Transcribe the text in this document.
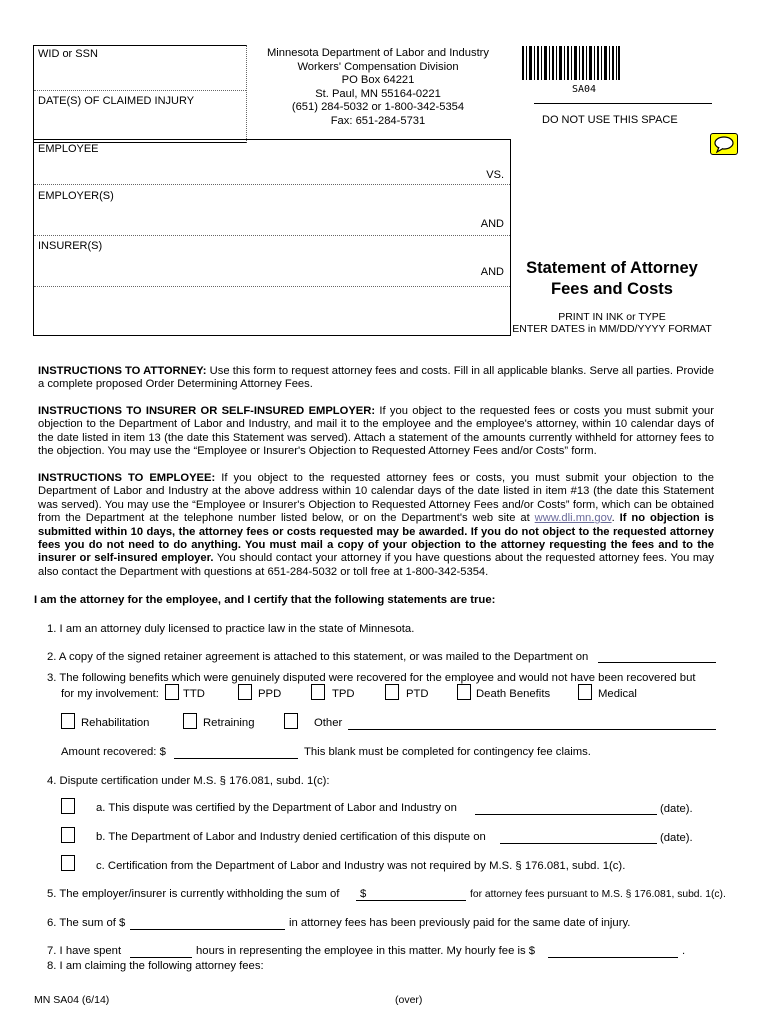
WID or SSN
DATE(S) OF CLAIMED INJURY
Minnesota Department of Labor and Industry
Workers' Compensation Division
PO Box 64221
St. Paul, MN 55164-0221
(651) 284-5032 or 1-800-342-5354
Fax: 651-284-5731
SA04
DO NOT USE THIS SPACE
EMPLOYEE
VS.
EMPLOYER(S)
AND
INSURER(S)
AND	Statement of Attorney
Fees and Costs
PRINT IN INK or TYPE
ENTER DATES in MM/DD/YYYY FORMAT
INSTRUCTIONS TO ATTORNEY: Use this form to request attorney fees and costs. Fill in all applicable blanks. Serve all parties. Provide a complete proposed Order Determining Attorney Fees.
INSTRUCTIONS TO INSURER OR SELF-INSURED EMPLOYER: If you object to the requested fees or costs you must submit your objection to the Department of Labor and Industry, and mail it to the employee and the employee's attorney, within 10 calendar days of the date listed in item 13 (the date this Statement was served). Attach a statement of the amounts currently withheld for attorney fees to the objection. You may use the “Employee or Insurer's Objection to Requested Attorney Fees and/or Costs” form.
INSTRUCTIONS TO EMPLOYEE: If you object to the requested attorney fees or costs, you must submit your objection to the Department of Labor and Industry at the above address within 10 calendar days of the date listed in item #13 (the date this Statement was served). You may use the “Employee or Insurer's Objection to Requested Attorney Fees and/or Costs” form, which can be obtained from the Department at the telephone number listed below, or on the Department's web site at www.dli.mn.gov. If no objection is submitted within 10 days, the attorney fees or costs requested may be awarded. If you do not object to the requested attorney fees you do not need to do anything. You must mail a copy of your objection to the attorney requesting the fees and to the insurer or self-insured employer. You should contact your attorney if you have questions about the requested attorney fees. You may also contact the Department with questions at 651-284-5032 or toll free at 1-800-342-5354.
I am the attorney for the employee, and I certify that the following statements are true:
1. I am an attorney duly licensed to practice law in the state of Minnesota.
2. A copy of the signed retainer agreement is attached to this statement, or was mailed to the Department on
3. The following benefits which were genuinely disputed were recovered for the employee and would not have been recovered but
for my involvement: TTD	PPD	TPD	PTD	Death Benefits	Medical
Rehabilitation	Retraining	Other
Amount recovered: $	This blank must be completed for contingency fee claims.
4. Dispute certification under M.S. § 176.081, subd. 1(c):
a. This dispute was certified by the Department of Labor and Industry on	(date).
b. The Department of Labor and Industry denied certification of this dispute on	(date).
c. Certification from the Department of Labor and Industry was not required by M.S. § 176.081, subd. 1(c).
5. The employer/insurer is currently withholding the sum of $	for attorney fees pursuant to M.S. § 176.081, subd. 1(c).
6. The sum of $	in attorney fees has been previously paid for the same date of injury.
7. I have spent	hours in representing the employee in this matter. My hourly fee is $	.
8. I am claiming the following attorney fees:
MN SA04 (6/14)	(over)
